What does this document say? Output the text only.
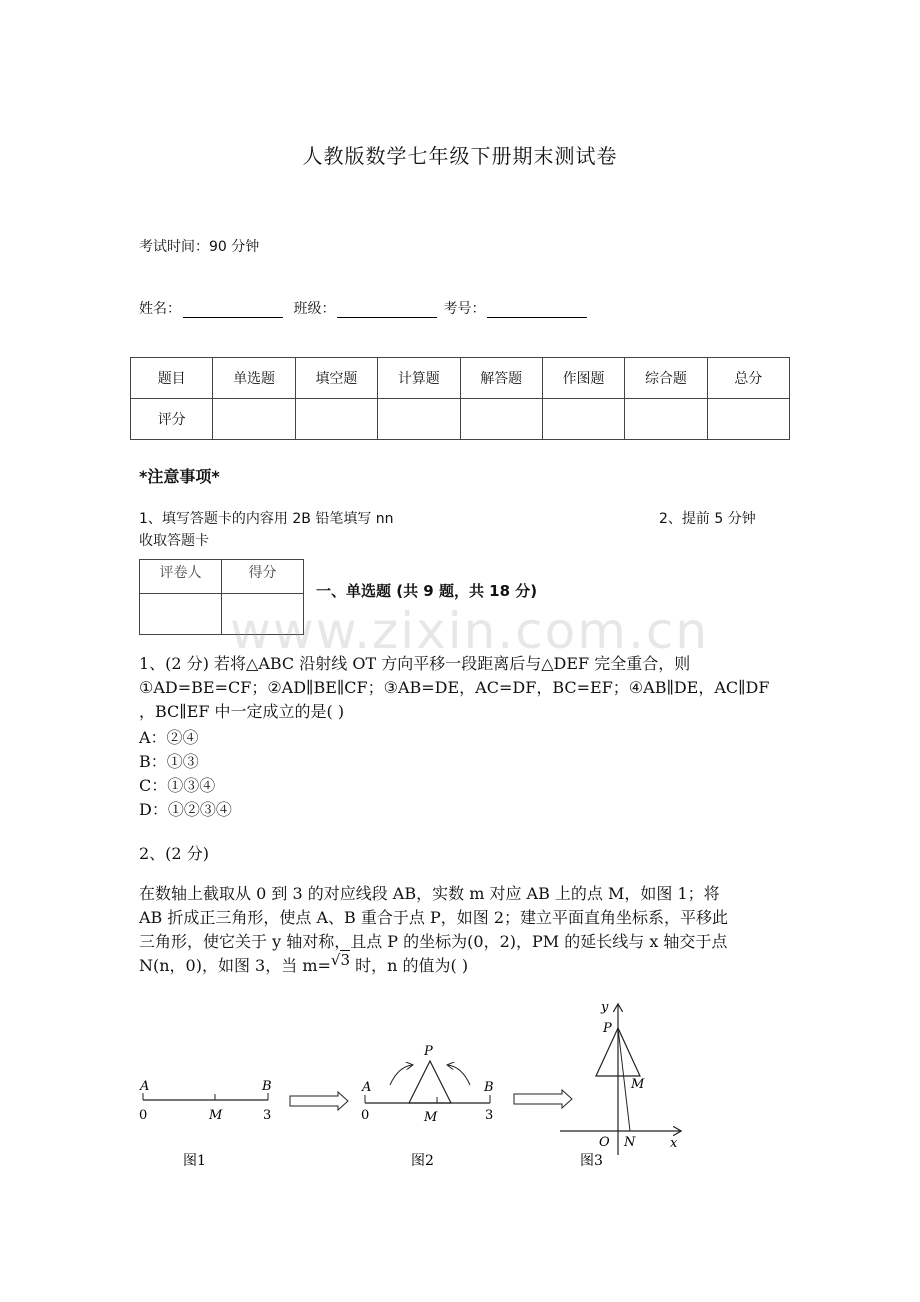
人教版数学七年级下册期末测试卷
考试时间：90 分钟
姓名：	班级：	考号：
题目	单选题	填空题	计算题	解答题	作图题	综合题	总分
评分							
*注意事项*
1、填写答题卡的内容用 2B 铅笔填写 nn	2、提前 5 分钟
收取答题卡
评卷人	得分

一、单选题 (共 9 题，共 18 分)
www.zixin.com.cn
1、(2 分) 若将△ABC 沿射线 OT 方向平移一段距离后与△DEF 完全重合，则
①AD=BE=CF；②AD∥BE∥CF；③AB=DE，AC=DF，BC=EF；④AB∥DE，AC∥DF
，BC∥EF 中一定成立的是( )
A：②④
B：①③
C：①③④
D：①②③④
2、(2 分)
在数轴上截取从 0 到 3 的对应线段 AB，实数 m 对应 AB 上的点 M，如图 1；将
AB 折成正三角形，使点 A、B 重合于点 P，如图 2；建立平面直角坐标系，平移此
三角形，使它关于 y 轴对称，且点 P 的坐标为(0，2)，PM 的延长线与 x 轴交于点
N(n，0)，如图 3，当 m=√3 时，n 的值为( )
A	B
0	M	3
图1
P
A	B
0	M	3
图2
y
P
M
O N	x
图3
